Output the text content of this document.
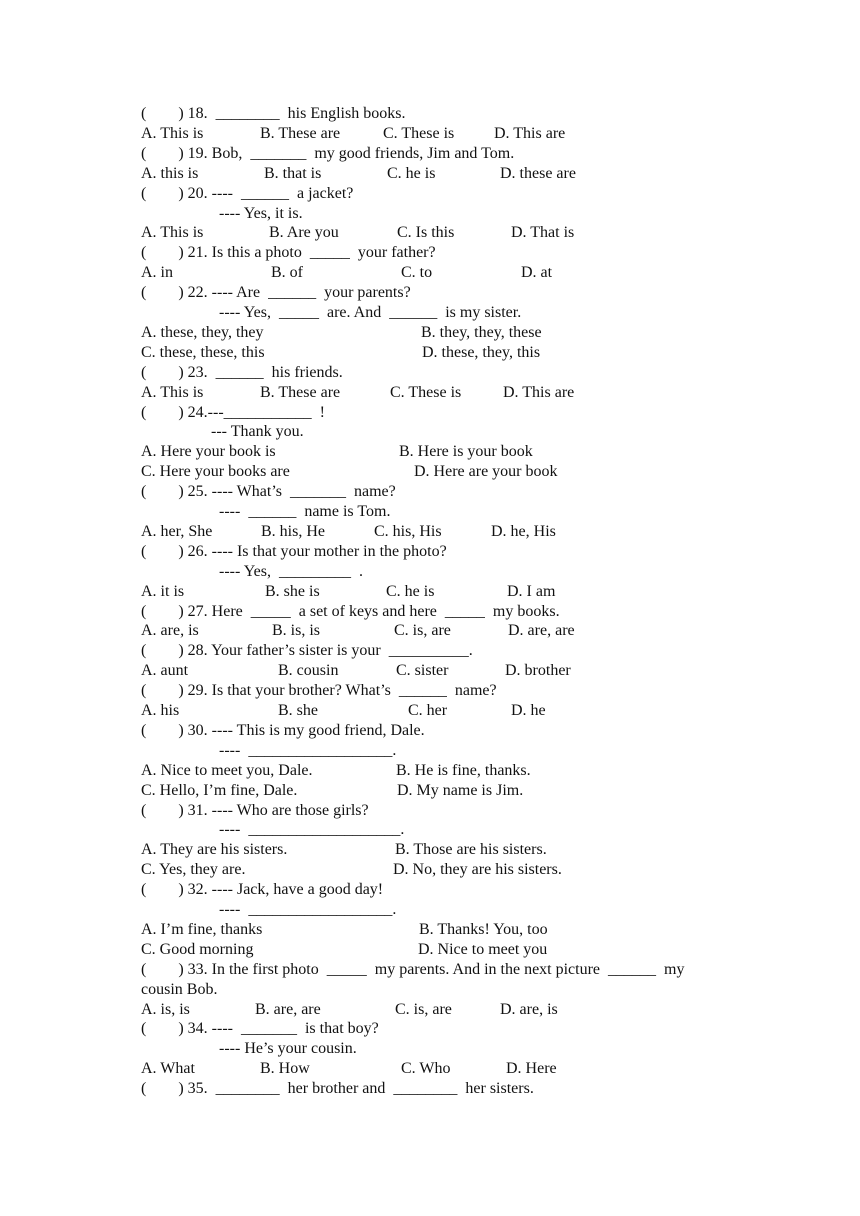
(        ) 18.  ________  his English books.
A. This is	B. These are	C. These is D. This are
(        ) 19. Bob,  _______  my good friends, Jim and Tom.
A. this is	B. that is	C. he is	D. these are
(        ) 20. ----  ______  a jacket?
---- Yes, it is.
A. This is	B. Are you	C. Is this	D. That is
(        ) 21. Is this a photo  _____  your father?
A. in	B. of	C. to	D. at
(        ) 22. ---- Are  ______  your parents?
---- Yes,  _____  are. And  ______  is my sister.
A. these, they, they	B. they, they, these
C. these, these, this	D. these, they, this
(        ) 23.  ______  his friends.
A. This is	B. These are	C. These is	D. This are
(        ) 24.---___________  !
--- Thank you.
A. Here your book is	B. Here is your book
C. Here your books are	D. Here are your book
(        ) 25. ---- What’s  _______  name?
----  ______  name is Tom.
A. her, She	B. his, He	C. his, His	D. he, His
(        ) 26. ---- Is that your mother in the photo?
---- Yes,  _________  .
A. it is	B. she is	C. he is	D. I am
(        ) 27. Here  _____  a set of keys and here  _____  my books.
A. are, is	B. is, is	C. is, are	D. are, are
(        ) 28. Your father’s sister is your  __________.
A. aunt	B. cousin	C. sister	D. brother
(        ) 29. Is that your brother? What’s  ______  name?
A. his	B. she	C. her	D. he
(        ) 30. ---- This is my good friend, Dale.
----  __________________.
A. Nice to meet you, Dale.	B. He is fine, thanks.
C. Hello, I’m fine, Dale.	D. My name is Jim.
(        ) 31. ---- Who are those girls?
----  ___________________.
A. They are his sisters.	B. Those are his sisters.
C. Yes, they are.	D. No, they are his sisters.
(        ) 32. ---- Jack, have a good day!
----  __________________.
A. I’m fine, thanks	B. Thanks! You, too
C. Good morning	D. Nice to meet you
(        ) 33. In the first photo  _____  my parents. And in the next picture  ______  my
cousin Bob.
A. is, is	B. are, are	C. is, are	D. are, is
(        ) 34. ----  _______  is that boy?
---- He’s your cousin.
A. What	B. How	C. Who	D. Here
(        ) 35.  ________  her brother and  ________  her sisters.
